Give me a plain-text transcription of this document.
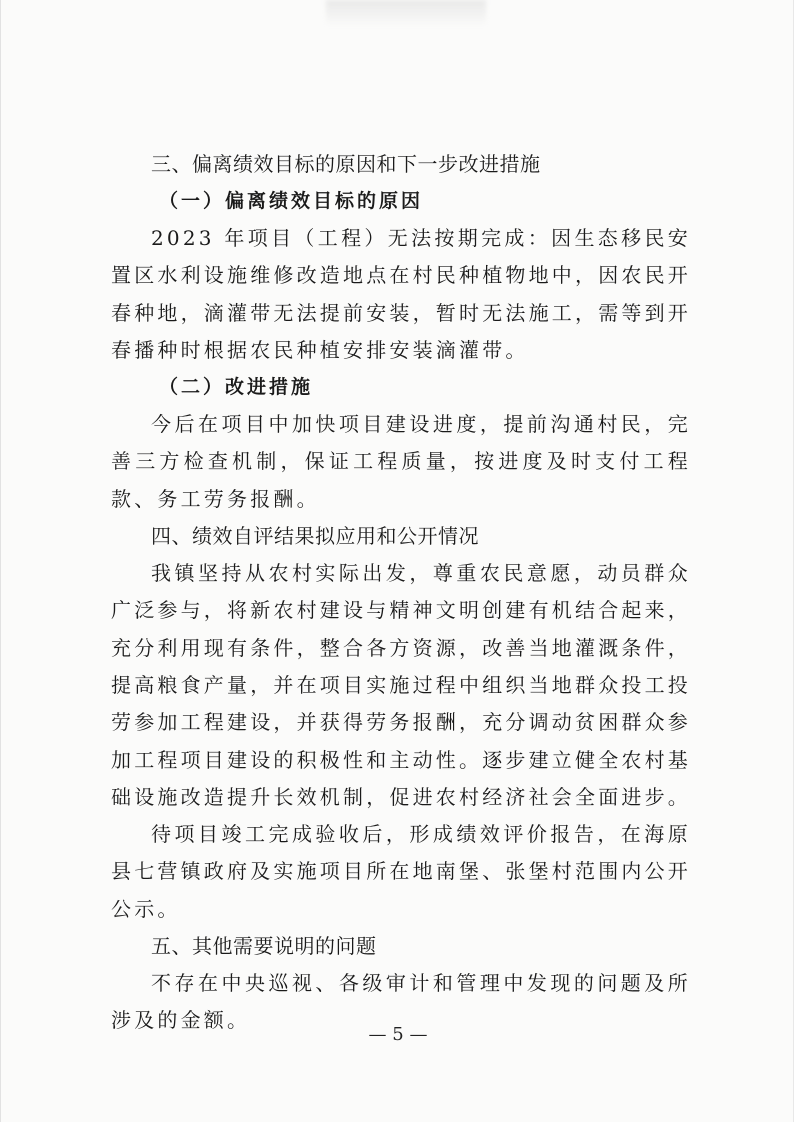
三、偏离绩效目标的原因和下一步改进措施
（一）偏离绩效目标的原因
2023 年项目（工程）无法按期完成：因生态移民安置区水利设施维修改造地点在村民种植物地中，因农民开春种地，滴灌带无法提前安装，暂时无法施工，需等到开春播种时根据农民种植安排安装滴灌带。
（二）改进措施
今后在项目中加快项目建设进度，提前沟通村民，完善三方检查机制，保证工程质量，按进度及时支付工程款、务工劳务报酬。
四、绩效自评结果拟应用和公开情况
我镇坚持从农村实际出发，尊重农民意愿，动员群众广泛参与，将新农村建设与精神文明创建有机结合起来，充分利用现有条件，整合各方资源，改善当地灌溉条件，提高粮食产量，并在项目实施过程中组织当地群众投工投劳参加工程建设，并获得劳务报酬，充分调动贫困群众参加工程项目建设的积极性和主动性。逐步建立健全农村基础设施改造提升长效机制，促进农村经济社会全面进步。
待项目竣工完成验收后，形成绩效评价报告，在海原县七营镇政府及实施项目所在地南堡、张堡村范围内公开公示。
五、其他需要说明的问题
不存在中央巡视、各级审计和管理中发现的问题及所涉及的金额。
— 5 —
